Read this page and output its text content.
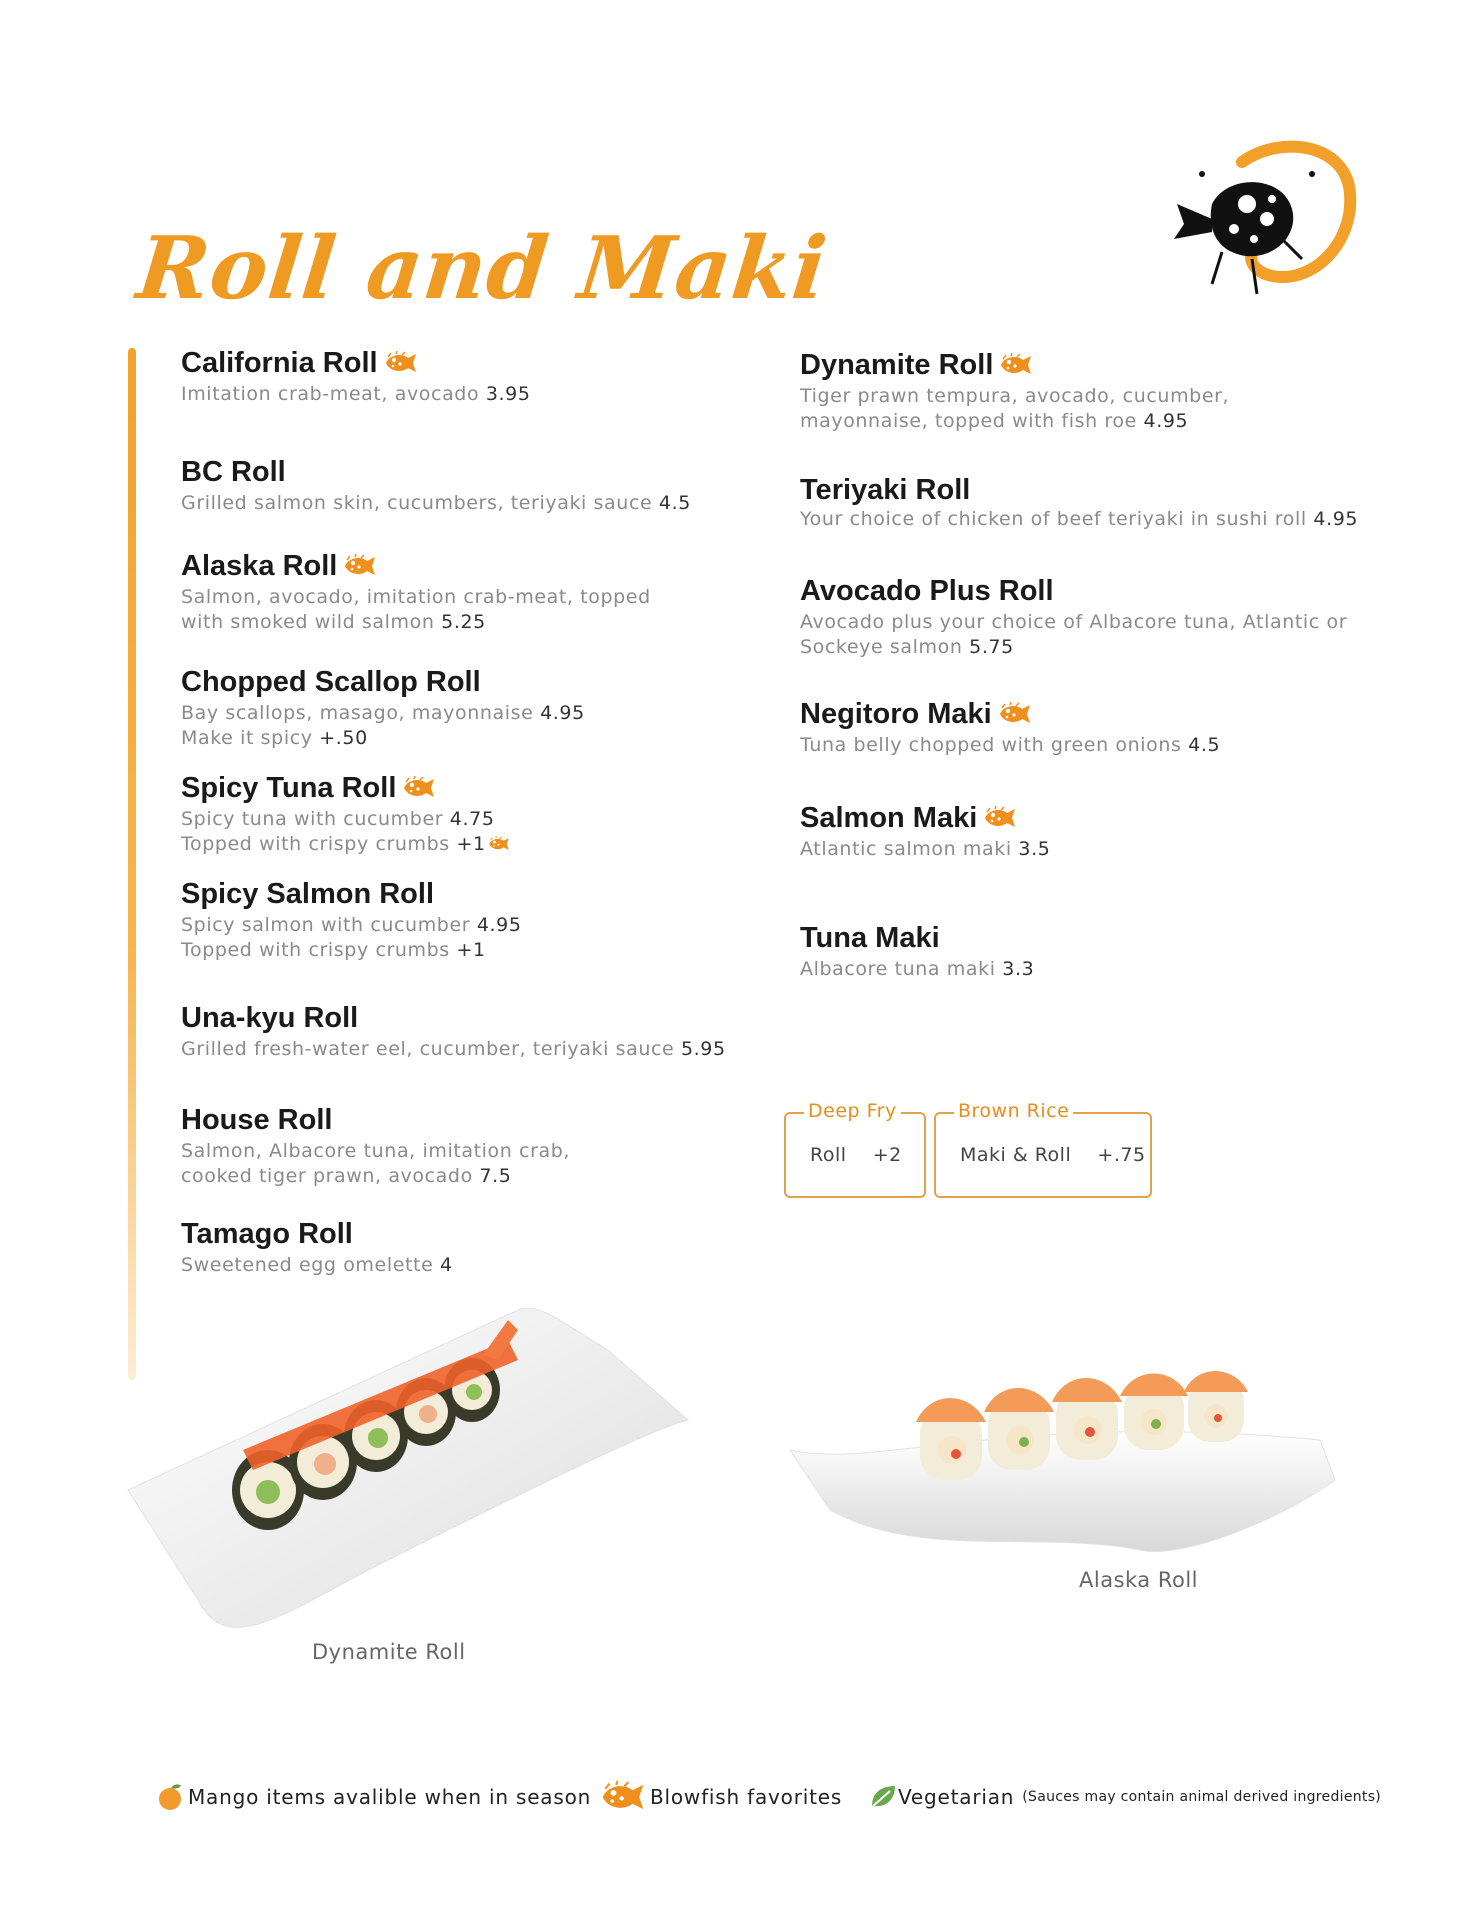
Roll and Maki
California Roll
Imitation crab-meat, avocado 3.95
BC Roll
Grilled salmon skin, cucumbers, teriyaki sauce 4.5
Alaska Roll
Salmon, avocado, imitation crab-meat, topped
with smoked wild salmon 5.25
Chopped Scallop Roll
Bay scallops, masago, mayonnaise 4.95
Make it spicy +.50
Spicy Tuna Roll
Spicy tuna with cucumber 4.75
Topped with crispy crumbs +1
Spicy Salmon Roll
Spicy salmon with cucumber 4.95
Topped with crispy crumbs +1
Una-kyu Roll
Grilled fresh-water eel, cucumber, teriyaki sauce 5.95
House Roll
Salmon, Albacore tuna, imitation crab,
cooked tiger prawn, avocado 7.5
Tamago Roll
Sweetened egg omelette 4
Dynamite Roll
Tiger prawn tempura, avocado, cucumber,
mayonnaise, topped with fish roe 4.95
Teriyaki Roll
Your choice of chicken of beef teriyaki in sushi roll 4.95
Avocado Plus Roll
Avocado plus your choice of Albacore tuna, Atlantic or
Sockeye salmon 5.75
Negitoro Maki
Tuna belly chopped with green onions 4.5
Salmon Maki
Atlantic salmon maki 3.5
Tuna Maki
Albacore tuna maki 3.3
Deep Fry
Roll    +2
Brown Rice
Maki & Roll    +.75
Dynamite Roll
Alaska Roll
Mango items avalible when in season	Blowfish favorites	Vegetarian (Sauces may contain animal derived ingredients)
